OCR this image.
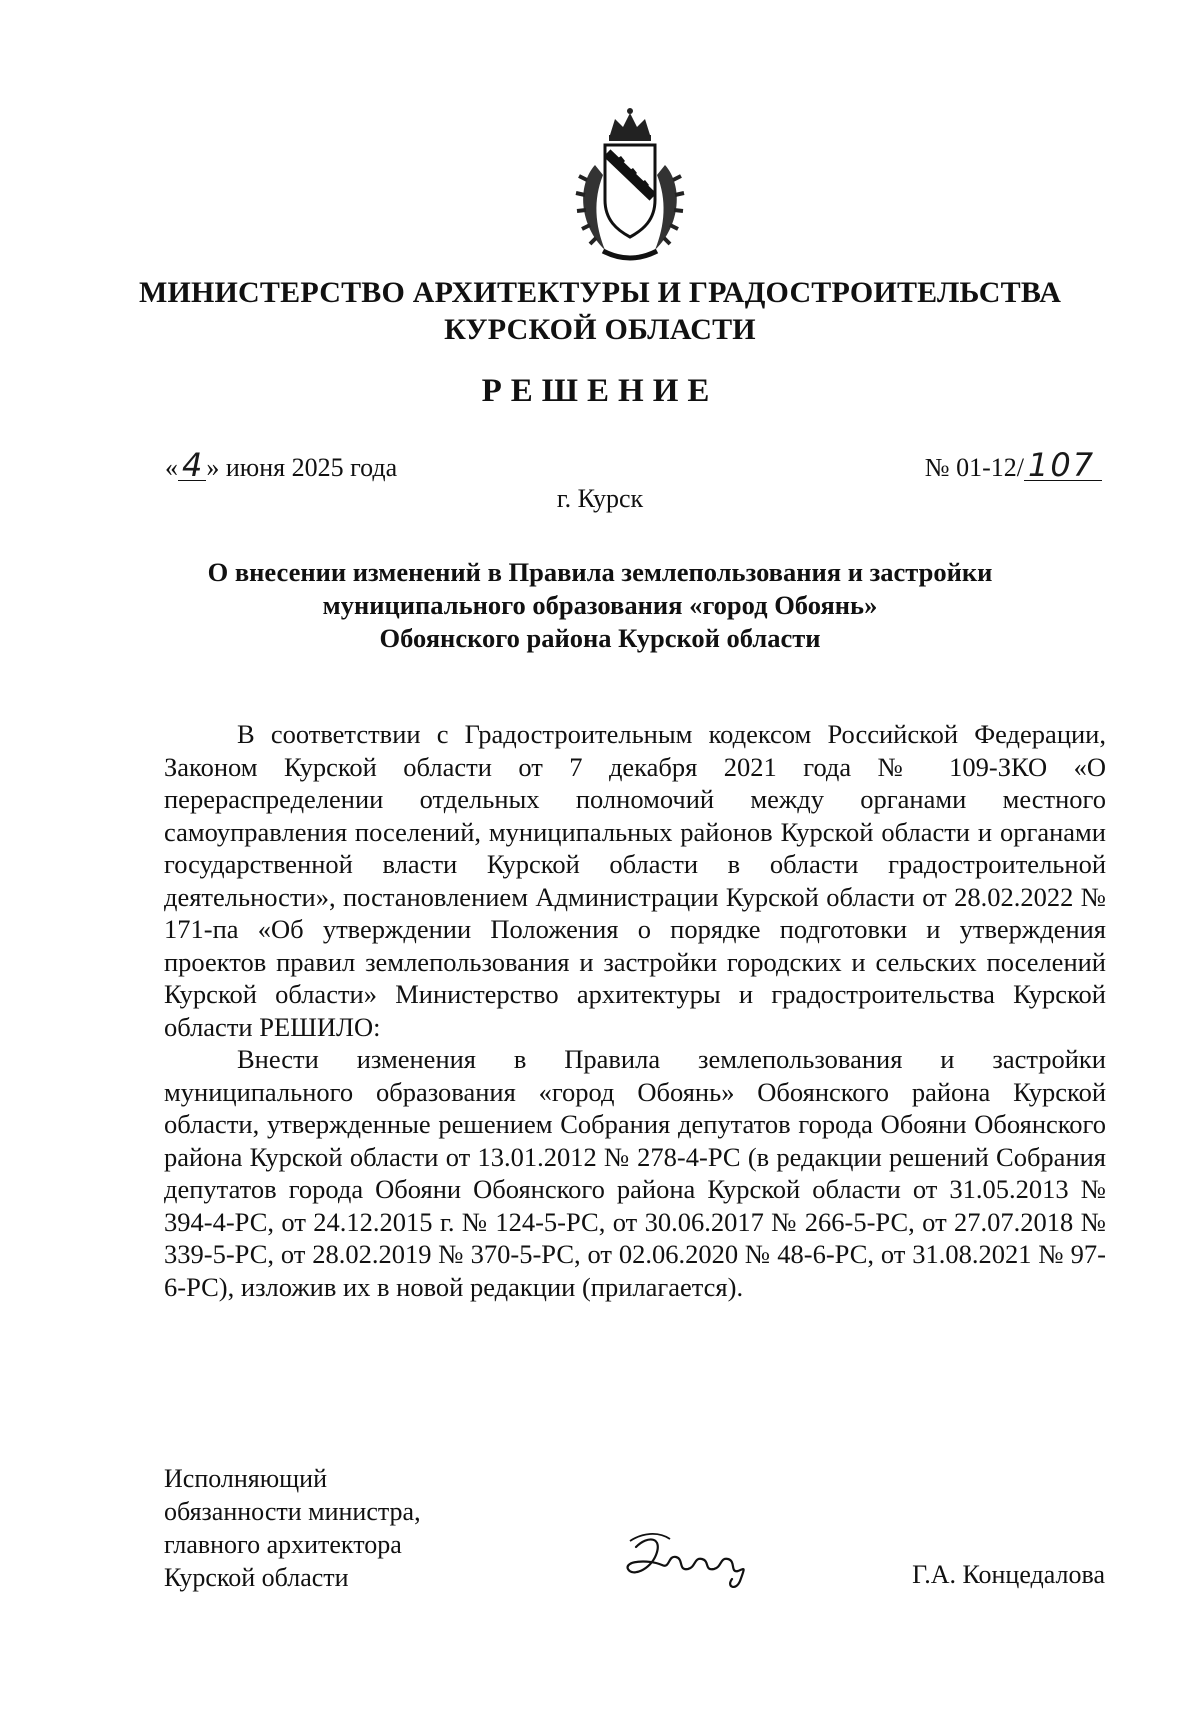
МИНИСТЕРСТВО АРХИТЕКТУРЫ И ГРАДОСТРОИТЕЛЬСТВА
КУРСКОЙ ОБЛАСТИ
РЕШЕНИЕ
« 4 » июня 2025 года	№ 01-12/ 107
г. Курск
О внесении изменений в Правила землепользования и застройки
муниципального образования «город Обоянь»
Обоянского района Курской области

В соответствии с Градостроительным кодексом Российской Федерации, Законом Курской области от 7 декабря 2021 года № 109-ЗКО «О перераспределении отдельных полномочий между органами местного самоуправления поселений, муниципальных районов Курской области и органами государственной власти Курской области в области градостроительной деятельности», постановлением Администрации Курской области от 28.02.2022 № 171-па «Об утверждении Положения о порядке подготовки и утверждения проектов правил землепользования и застройки городских и сельских поселений Курской области» Министерство архитектуры и градостроительства Курской области РЕШИЛО:

Внести изменения в Правила землепользования и застройки муниципального образования «город Обоянь» Обоянского района Курской области, утвержденные решением Собрания депутатов города Обояни Обоянского района Курской области от 13.01.2012 № 278-4-РС (в редакции решений Собрания депутатов города Обояни Обоянского района Курской области от 31.05.2013 № 394-4-РС, от 24.12.2015 г. № 124-5-РС, от 30.06.2017 № 266-5-РС, от 27.07.2018 № 339-5-РС, от 28.02.2019 № 370-5-РС, от 02.06.2020 № 48-6-РС, от 31.08.2021 № 97-6-РС), изложив их в новой редакции (прилагается).

Исполняющий
обязанности министра,
главного архитектора
Курской области	Г.А. Концедалова
